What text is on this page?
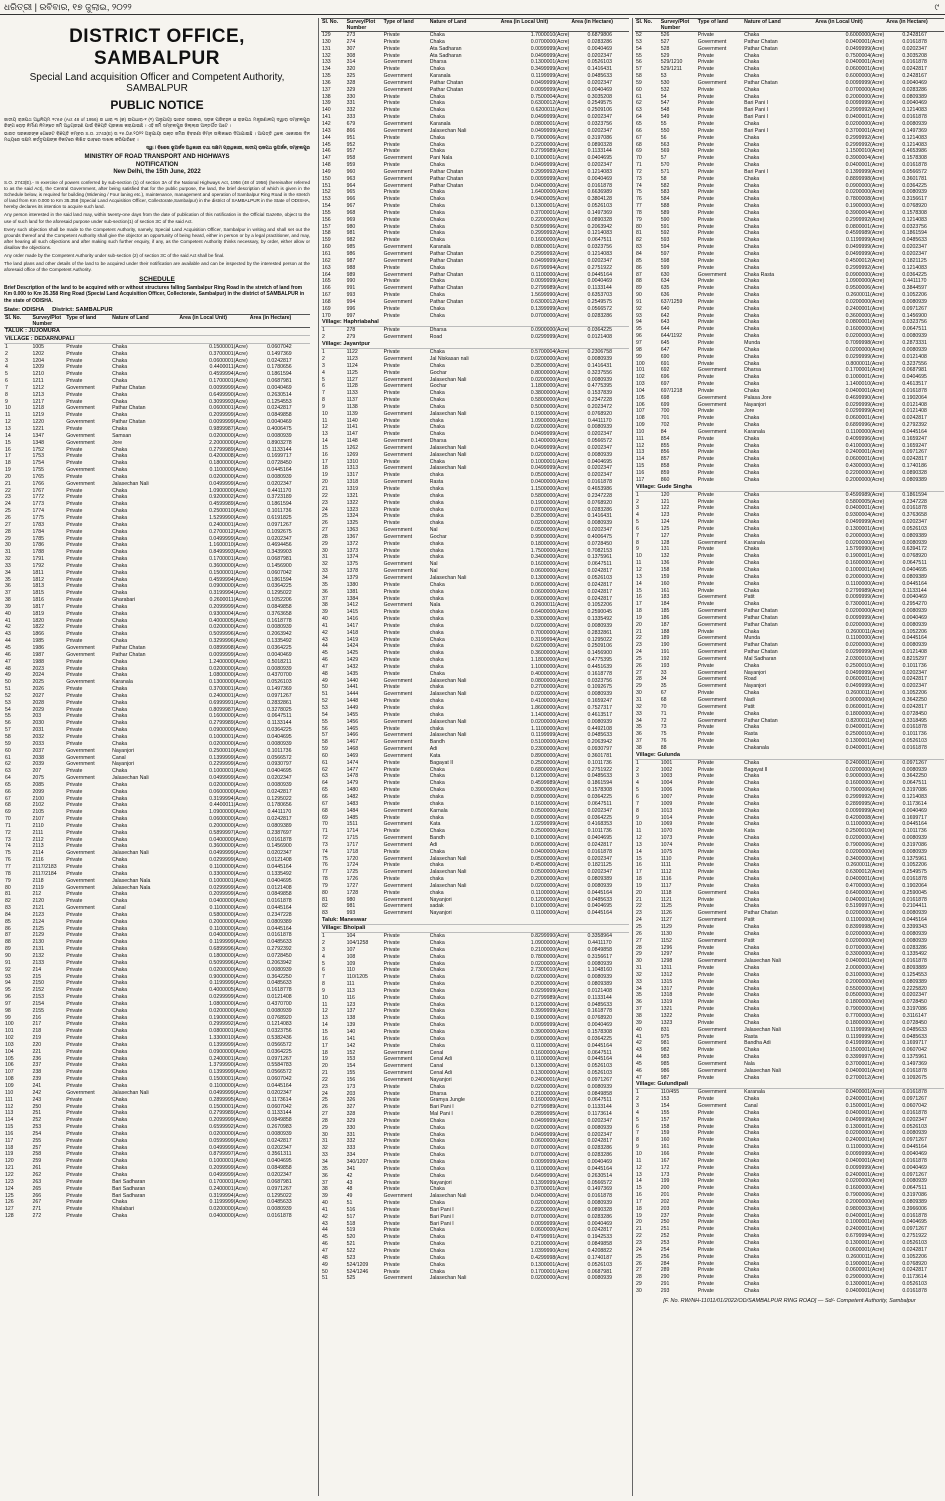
ଧରିତ୍ରୀ | ରବିବାର, ୧୭ ଜୁଲାଇ, ୨୦୨୨	୯
DISTRICT OFFICE, SAMBALPUR
Special Land acquisition Officer and Competent Authority, SAMBALPUR
PUBLIC NOTICE

ଜାତୀୟ ରାଜପଥ ଅଧିନିୟମ ୧୯୫୬ (Act 48 of 1956) ର ଧାରା ୩ (କ) ଉପଧାରା-୧ (୧) ଅନୁଯାୟୀ ଭାରତ ସରକାର, ସଡ଼କ ପରିବହନ ଓ ରାଜପଥ ମନ୍ତ୍ରଣାଳୟ ଦ୍ୱାରା ସମ୍ବଲପୁର ରିଙ୍ଗ ରୋଡ଼ ନିର୍ମାଣ ନିମନ୍ତେ ଜମି ଅଧିଗ୍ରହଣ ପାଇଁ ବିଜ୍ଞପ୍ତି ପ୍ରକାଶ କରାଯାଇଛି । ଏହି ଜମି ସମ୍ବଲପୁର ଜିଲ୍ଲାର ଅନ୍ତର୍ଗତ ଅଟେ ।

ଭାରତ ସରକାରଙ୍କ ଗେଜେଟ ବିଜ୍ଞପ୍ତି ନମ୍ବର S.O. 2743(E) ତା ୧୫.୦୬.୨୦୨୨ ଅନୁଯାୟୀ ଉକ୍ତ ଜମିର ବିବରଣୀ ନିମ୍ନ ତାଲିକାରେ ଦିଆଯାଇଛି । ଆପତ୍ତି ଥିଲେ ଏକୋଇଶ ଦିନ ମଧ୍ୟରେ ସକ୍ଷମ କର୍ତ୍ତୃପକ୍ଷଙ୍କ ନିକଟରେ ଲିଖିତ ଭାବରେ ଦାଖଲ କରିପାରିବେ ।

ସ୍ୱା / ବିଶେଷ ଭୂଅର୍ଜନ ଅଧିକାରୀ ତଥା ସକ୍ଷମ ପ୍ରାଧିକାରୀ, ଜାତୀୟ ରାଜପଥ ଭୂଅର୍ଜନ, ସମ୍ବଲପୁର

MINISTRY OF ROAD TRANSPORT AND HIGHWAYS
NOTIFICATION
New Delhi, the 15th June, 2022

S.O. 2743(E).- In exercise of powers conferred by sub-section (1) of section 3A of the National Highways Act, 1956 (48 of 1956) (hereinafter referred to as the said Act), the Central Government, after being satisfied that for the public purpose, the land, the brief description of which is given in the Schedule below, is required for building (Widening / Four laning etc.), maintenance, management and operation of Sambalpur Ring Road in the stretch of land from Km 0.000 to Km 35.358 (Special Land Acquisition Officer, Collectorate,Sambalpur) in the district of SAMBALPUR in the State of ODISHA, hereby declares its intention to acquire such land.

Any person interested in the said land may, within twenty-one days from the date of publication of this notification in the Official Gazette, object to the use of such land for the aforesaid purpose under sub-section(1) of section 3C of the said Act.

Every such objection shall be made to the Competent Authority, namely, Special Land Acquisition Officer, Sambalpur in writing and shall set out the grounds thereof and the Competent Authority shall give the objector an opportunity of being heard, either in person or by a legal practitioner, and may, after hearing all such objections and after making such further enquiry, if any, as the Competent Authority thinks necessary, by order, either allow or disallow the objections.

Any order made by the Competent Authority under sub-section (2) of section 3C of the said Act shall be final.

The land plans and other details of the land to be acquired under their notification are available and can be inspected by the interested person at the aforesaid office of the Competent Authority.

SCHEDULE
Brief Description of the land to be acquired with or without structures falling Sambalpur Ring Road in the stretch of land from Km 0.000 to Km 35.358 Ring Road (Special Land Acquisition Officer, Collectorate, Sambalpur) in the district of SAMBALPUR in the state of ODISHA.
State: ODISHA District: SAMBALPUR
Sl. No.	Survey/Plot Number	Type of land	Nature of Land	Area (in Local Unit)	Area (in Hectare)
TALUK : JUJOMURA					
VILLAGE : DEDARNUPALI					
1	1005	Private	Chaka	0.1500001(Acre)	0.0607042
2	1202	Private	Chaka	0.3700001(Acre)	0.1497369
3	1204	Private	Chaka	0.0600001(Acre)	0.0242817
4	1209	Private	Chaka	0.4400011(Acre)	0.1780656
5	1210	Private	Chaka	0.4599994(Acre)	0.1861594
6	1211	Private	Chaka	0.1700001(Acre)	0.0687981
7	1212	Government	Pathar Chatan	0.0099999(Acre)	0.0040469
8	1213	Private	Chaka	0.6499990(Acre)	0.2630514
9	1217	Private	Chaka	0.3099993(Acre)	0.1254553
10	1218	Government	Pathar Chatan	0.0600001(Acre)	0.0242817
11	1219	Private	Chaka	0.2099999(Acre)	0.0849858
12	1220	Government	Pathar Chatan	0.0099999(Acre)	0.0040469
13	1221	Private	Chaka	0.9899987(Acre)	0.4006475
14	1347	Government	Samsan	0.0200000(Acre)	0.0080939
15	1348	Government	Jore	2.2000000(Acre)	0.8903278
16	1752	Private	Chaka	0.2799989(Acre)	0.1133144
17	1753	Private	Chaka	0.4200008(Acre)	0.1699717
18	1754	Private	Chaka	0.1800000(Acre)	0.0728450
19	1755	Government	Chaka	0.1100000(Acre)	0.0445164
20	1765	Private	Chaka	0.0200000(Acre)	0.0080939
21	1766	Government	Jalasechan Nali	0.0499999(Acre)	0.0202347
22	1767	Private	Chaka	1.0900000(Acre)	0.4411170
23	1772	Private	Chaka	0.9200002(Acre)	0.3723189
24	1773	Private	Chaka	0.4599989(Acre)	0.1861594
25	1774	Private	Chaka	0.2500010(Acre)	0.1011736
26	1775	Private	Chaka	1.5299990(Acre)	0.6191825
27	1783	Private	Chaka	0.2400001(Acre)	0.0971267
28	1784	Private	Chaka	0.2700012(Acre)	0.1092675
29	1785	Private	Chaka	0.0499999(Acre)	0.0202347
30	1786	Private	Chaka	1.1600010(Acre)	0.4694456
31	1788	Private	Chaka	0.8499993(Acre)	0.3439903
32	1791	Private	Chaka	0.1700001(Acre)	0.0687981
33	1792	Private	Chaka	0.3600000(Acre)	0.1456900
34	1811	Private	Chaka	0.1500001(Acre)	0.0607042
35	1812	Private	Chaka	0.4599994(Acre)	0.1861594
36	1813	Private	Chaka	0.0900000(Acre)	0.0364225
37	1815	Private	Chaka	0.3199994(Acre)	0.1295022
38	1816	Private	Gharabari	0.2600011(Acre)	0.1052206
39	1817	Private	Chaka	0.2099999(Acre)	0.0849858
40	1819	Private	Chaka	0.9300004(Acre)	0.3763658
41	1820	Private	Chaka	0.4000005(Acre)	0.1618778
42	1822	Private	Chaka	0.0200000(Acre)	0.0080939
43	1866	Private	Chaka	0.5099996(Acre)	0.2063942
44	1985	Private	Chaka	0.3299996(Acre)	0.1335492
45	1986	Government	Pathar Chatan	0.0899998(Acre)	0.0364225
46	1987	Government	Pathar Chatan	0.0099999(Acre)	0.0040469
47	1988	Private	Chaka	1.2400000(Acre)	0.5018211
48	2023	Private	Chaka	0.0200000(Acre)	0.0080939
49	2024	Private	Chaka	1.0800000(Acre)	0.4370700
50	2025	Government	Karanala	0.1300000(Acre)	0.0526103
51	2026	Private	Chaka	0.3700001(Acre)	0.1497369
52	2027	Private	Chaka	0.2400001(Acre)	0.0971267
53	2028	Private	Chaka	0.6999991(Acre)	0.2832861
54	2029	Private	Chaka	0.8099987(Acre)	0.3278025
55	203	Private	Chaka	0.1600000(Acre)	0.0647511
56	2030	Private	Chaka	0.2799989(Acre)	0.1133144
57	2031	Private	Chaka	0.0900000(Acre)	0.0364225
58	2032	Private	Chaka	0.1000001(Acre)	0.0404695
59	2033	Private	Chaka	0.0200000(Acre)	0.0080939
60	2037	Government	Nayanjori	0.2500010(Acre)	0.1011736
61	2038	Government	Canal	0.1399999(Acre)	0.0566572
62	2039	Government	Nayanjori	0.2299999(Acre)	0.0930797
63	207	Private	Chaka	0.1000001(Acre)	0.0404695
64	2075	Government	Jalasechan Nali	0.0499999(Acre)	0.0202347
65	2085	Private	Chaka	0.0200000(Acre)	0.0080939
66	2099	Private	Chaka	0.0600000(Acre)	0.0242817
67	2100	Private	Chaka	0.3199994(Acre)	0.1295022
68	2102	Private	Chaka	0.4400011(Acre)	0.1780656
69	2105	Private	Chaka	1.0900000(Acre)	0.4411170
70	2107	Private	Chaka	0.0600000(Acre)	0.0242817
71	2110	Private	Chaka	0.2000000(Acre)	0.0809389
72	2111	Private	Chaka	0.5899997(Acre)	0.2387697
73	2112	Private	Chaka	0.0400000(Acre)	0.0161878
74	2113	Private	Chaka	0.3600000(Acre)	0.1456900
75	2114	Government	Jalasechan Nali	0.0499999(Acre)	0.0202347
76	2116	Private	Chaka	0.0299999(Acre)	0.0121408
77	2117/2183	Private	Chaka	0.1100000(Acre)	0.0445164
78	2117/2184	Private	Chaka	0.3300000(Acre)	0.1335492
79	2118	Government	Jalasechan Nala	0.1000001(Acre)	0.0404695
80	2119	Government	Jalasechan Nala	0.0299999(Acre)	0.0121408
81	212	Private	Chaka	0.2099999(Acre)	0.0849858
82	2120	Private	Chaka	0.0400000(Acre)	0.0161878
83	2121	Government	Canal	0.1100000(Acre)	0.0445164
84	2123	Private	Chaka	0.5800000(Acre)	0.2347228
85	2124	Private	Chaka	0.2000000(Acre)	0.0809389
86	2125	Private	Chaka	0.1100000(Acre)	0.0445164
87	2129	Private	Chaka	0.0400000(Acre)	0.0161878
88	2130	Private	Chaka	0.1199999(Acre)	0.0485633
89	2131	Private	Chaka	0.6899996(Acre)	0.2792392
90	2132	Private	Chaka	0.1800000(Acre)	0.0728450
91	2133	Private	Chaka	0.5099996(Acre)	0.2063942
92	214	Private	Chaka	0.0200000(Acre)	0.0080939
93	215	Private	Chaka	0.9000000(Acre)	0.3642250
94	2150	Private	Chaka	0.1199999(Acre)	0.0485633
95	2152	Private	Chaka	0.4000005(Acre)	0.1618778
96	2153	Private	Chaka	0.0299999(Acre)	0.0121408
97	2154	Private	Chaka	1.0800000(Acre)	0.4370700
98	2155	Private	Chaka	0.0200000(Acre)	0.0080939
99	216	Private	Chaka	0.1900000(Acre)	0.0768920
100	217	Private	Chaka	0.2999992(Acre)	0.1214083
101	218	Private	Chaka	0.0800001(Acre)	0.0323756
102	219	Private	Chaka	1.3300010(Acre)	0.5382436
103	220	Private	Chaka	0.1399999(Acre)	0.0566572
104	221	Private	Chaka	0.0900000(Acre)	0.0364225
105	236	Private	Chaka	0.2400001(Acre)	0.0971267
106	237	Private	Chaka	1.3799990(Acre)	0.5584783
107	238	Private	Chaka	0.1399999(Acre)	0.0566572
108	239	Private	Chaka	0.1500001(Acre)	0.0607042
109	241	Private	Chaka	0.1100000(Acre)	0.0445164
110	242	Government	Jalasechan Nali	0.0499999(Acre)	0.0202347
111	243	Private	Chaka	0.2899995(Acre)	0.1173614
112	250	Private	Chaka	0.1500001(Acre)	0.0607042
113	251	Private	Chaka	0.2799989(Acre)	0.1133144
114	252	Private	Chaka	0.2099999(Acre)	0.0849858
115	253	Private	Chaka	0.6599992(Acre)	0.2670983
116	254	Private	Chaka	0.0200000(Acre)	0.0080939
117	255	Private	Chaka	0.0599999(Acre)	0.0242817
118	257	Private	Chaka	0.0499999(Acre)	0.0202347
119	258	Private	Chaka	0.8799997(Acre)	0.3561311
120	259	Private	Chaka	0.1000001(Acre)	0.0404695
121	261	Private	Chaka	0.2099999(Acre)	0.0849858
122	262	Private	Chaka	0.0499999(Acre)	0.0202347
123	263	Private	Bari Sadharan	0.1700001(Acre)	0.0687981
124	265	Private	Bari Sadharan	0.2400001(Acre)	0.0971267
125	266	Private	Bari Sadharan	0.3199994(Acre)	0.1295022
126	267	Private	Chaka	0.1199999(Acre)	0.0485633
127	271	Private	Khalabari	0.0200000(Acre)	0.0080939
128	272	Private	Chaka	0.0400000(Acre)	0.0161878
Sl. No.	Survey/Plot Number	Type of land	Nature of Land	Area (in Local Unit)	Area (in Hectare)
129	273	Private	Chaka	1.7000010(Acre)	0.6879806
130	274	Private	Chaka	0.0700000(Acre)	0.0283286
131	307	Private	Ata Sadharan	0.0099999(Acre)	0.0040469
132	308	Private	Ata Sadharan	0.0499999(Acre)	0.0202347
133	314	Government	Dharsa	0.1300001(Acre)	0.0526103
134	320	Private	Chaka	0.3499999(Acre)	0.1416431
135	325	Government	Karanala	0.1199999(Acre)	0.0485633
136	328	Government	Pathar Chatan	0.0499999(Acre)	0.0202347
137	329	Government	Pathar Chatan	0.0099999(Acre)	0.0040469
138	330	Private	Chaka	0.7500004(Acre)	0.3035208
139	331	Private	Chaka	0.6300012(Acre)	0.2549575
140	332	Private	Chaka	0.6200011(Acre)	0.2509106
141	333	Private	Chaka	0.0499999(Acre)	0.0202347
142	679	Government	Karanala	0.0800001(Acre)	0.0323756
143	866	Government	Jalasechan Nali	0.0499999(Acre)	0.0202347
144	951	Private	Chaka	0.7900006(Acre)	0.3197086
145	952	Private	Chaka	0.2200000(Acre)	0.0890328
146	957	Private	Chaka	0.2799989(Acre)	0.1133144
147	958	Government	Pani Nala	0.1000001(Acre)	0.0404695
148	959	Private	Chaka	0.0499999(Acre)	0.0202347
149	960	Government	Pathar Chatan	0.2999992(Acre)	0.1214083
150	963	Government	Pathar Chatan	0.0099999(Acre)	0.0040469
151	964	Government	Pathar Chatan	0.0400000(Acre)	0.0161878
152	965	Private	Chaka	1.6400000(Acre)	0.6636989
153	966	Private	Chaka	0.9400005(Acre)	0.3804128
154	967	Private	Chaka	0.1300001(Acre)	0.0526103
155	968	Private	Chaka	0.3700001(Acre)	0.1497369
156	969	Private	Chaka	0.2200000(Acre)	0.0890328
157	980	Private	Chaka	0.5099996(Acre)	0.2063942
158	981	Private	Chaka	0.2999992(Acre)	0.1214083
159	982	Private	Chaka	0.1600000(Acre)	0.0647511
160	985	Government	Karanala	0.0800001(Acre)	0.0323756
161	986	Government	Pathar Chatan	0.2999992(Acre)	0.1214083
162	987	Government	Pathar Chatan	0.0499999(Acre)	0.0202347
163	988	Private	Chaka	0.6799994(Acre)	0.2751922
164	989	Government	Pathar Chatan	0.1100000(Acre)	0.0445164
165	990	Private	Chaka	0.0099999(Acre)	0.0040469
166	991	Government	Pathar Chatan	0.2799989(Acre)	0.1133144
167	993	Private	Chaka	1.5699990(Acre)	0.6353703
168	994	Government	Pathar Chatan	0.6300012(Acre)	0.2549575
169	996	Private	Chaka	0.1399999(Acre)	0.0566572
170	997	Private	Chaka	0.0700000(Acre)	0.0283286
Village: Haphriabahal					
1	278	Private	Dharsa	0.0900000(Acre)	0.0364225
2	279	Government	Road	0.0299999(Acre)	0.0121408
Village: Jayantpur					
1	1122	Private	Chaka	0.5700004(Acre)	0.2306758
2	1123	Government	Jal Niskasan nali	0.0200000(Acre)	0.0080939
3	1124	Private	Chaka	0.3500000(Acre)	0.1416431
4	1125	Private	Gochar	0.8000000(Acre)	0.3237556
5	1127	Government	Jalasechan Nali	0.0200000(Acre)	0.0080939
6	1128	Government	Gochar	1.1800000(Acre)	0.4775395
7	1133	Private	Chaka	0.3800000(Acre)	0.1537839
8	1137	Private	Chaka	0.5800000(Acre)	0.2347228
9	1138	Private	Chaka	0.5000000(Acre)	0.2023472
10	1139	Government	Jalasechan Nali	0.1900000(Acre)	0.0768920
11	1140	Private	chaka	1.0900000(Acre)	0.4411170
12	1141	Private	Chaka	0.0200000(Acre)	0.0080939
13	1147	Private	Chaka	0.0499999(Acre)	0.0202347
14	1148	Government	Dharsa	0.1400000(Acre)	0.0566572
15	1262	Government	Jalasechan Nali	0.0499999(Acre)	0.0202347
16	1269	Government	Jalasechan Nali	0.0200000(Acre)	0.0080939
17	1310	Private	Chaka	0.1000001(Acre)	0.0404695
18	1313	Government	Jalasechan Nali	0.0499999(Acre)	0.0202347
19	1317	Private	chaka	0.0500000(Acre)	0.0202347
20	1318	Government	Rasta	0.0400000(Acre)	0.0161878
21	1319	Private	chaka	1.1500000(Acre)	0.4653986
22	1321	Private	chaka	0.5800000(Acre)	0.2347228
23	1322	Private	chaka	0.1900000(Acre)	0.0768920
24	1323	Private	chaka	0.0700000(Acre)	0.0283286
25	1324	Private	chaka	0.3500000(Acre)	0.1416431
26	1325	Private	chaka	0.0200000(Acre)	0.0080939
27	1363	Government	Nal	0.0500000(Acre)	0.0202347
28	1367	Government	Gochar	0.9900000(Acre)	0.4006475
29	1372	Private	chaka	0.1800000(Acre)	0.0728450
30	1373	Private	chaka	1.7500000(Acre)	0.7082153
31	1374	Private	chaka	0.3400000(Acre)	0.1375961
32	1375	Government	Nal	0.1600000(Acre)	0.0647511
33	1378	Government	Nal	0.0600000(Acre)	0.0242817
34	1379	Government	Jalasechan Nali	0.1300000(Acre)	0.0526103
35	1380	Private	Chaka	0.0600000(Acre)	0.0242817
36	1381	Private	chaka	0.0600000(Acre)	0.0242817
37	1384	Private	chaka	0.0600000(Acre)	0.0242817
38	1412	Government	Nala	0.2600011(Acre)	0.1052206
39	1415	Private	chaka	0.6400000(Acre)	0.2590045
40	1416	Private	chaka	0.3300000(Acre)	0.1335492
41	1417	Private	chaka	0.0200000(Acre)	0.0080939
42	1418	Private	chaka	0.7000000(Acre)	0.2832861
43	1419	Private	Chaka	0.3199994(Acre)	0.1295022
44	1424	Private	chaka	0.6200000(Acre)	0.2509106
45	1425	Private	chaka	0.3600000(Acre)	0.1456900
46	1429	Private	chaka	1.1800000(Acre)	0.4775395
47	1432	Private	chaka	1.1000000(Acre)	0.4451639
48	1435	Private	Chaka	0.4000000(Acre)	0.1618778
49	1440	Government	Jalasechan Nali	0.0800000(Acre)	0.0323756
50	1441	Private	chaka	0.2700000(Acre)	0.1092675
51	1444	Government	Jalasechan Nali	0.0200000(Acre)	0.0080939
52	1448	Private	chaka	0.4100000(Acre)	0.1659247
53	1449	Private	chaka	1.8600000(Acre)	0.7527317
54	1455	Private	chaka	1.1400000(Acre)	0.4613517
55	1456	Government	Jalasechan Nali	0.0200000(Acre)	0.0080939
56	1465	Private	chaka	1.1100000(Acre)	0.4492108
57	1466	Government	Jalasechan Nali	0.1199999(Acre)	0.0485633
58	1467	Government	Bandh	0.5100000(Acre)	0.2063942
59	1468	Government	Adi	0.2300000(Acre)	0.0930797
60	1469	Government	Kata	0.8900000(Acre)	0.3601781
61	1474	Private	Bagayat II	0.2500000(Acre)	0.1011736
62	1477	Private	Chaka	0.6800000(Acre)	0.2751922
63	1478	Private	Chaka	0.1200000(Acre)	0.0485633
64	1479	Private	Chaka	0.4599989(Acre)	0.1861594
65	1480	Private	Chaka	0.3900000(Acre)	0.1578308
66	1482	Private	chaka	0.0900000(Acre)	0.0364225
67	1483	Private	chaka	0.1600000(Acre)	0.0647511
68	1484	Government	Karnala	0.0500000(Acre)	0.0202347
69	1485	Private	chaka	0.0900000(Acre)	0.0364225
70	1511	Government	Kata	1.0299999(Acre)	0.4168353
71	1714	Private	Chaka	0.2500000(Acre)	0.1011736
72	1715	Government	Bandh	0.1000000(Acre)	0.0404695
73	1717	Government	Adi	0.0600000(Acre)	0.0242817
74	1718	Private	Chaka	0.0400000(Acre)	0.0161878
75	1720	Government	Jalasechan Nali	0.0500000(Acre)	0.0202347
76	1724	Private	chaka	0.4500000(Acre)	0.1821125
77	1725	Government	Jalasechan Nali	0.0500000(Acre)	0.0202347
78	1726	Private	chaka	0.2000000(Acre)	0.0809389
79	1727	Government	Jalasechan Nali	0.0200000(Acre)	0.0080939
80	1728	Private	chaka	0.1100000(Acre)	0.0445164
81	980	Government	Nayanjori	0.1200000(Acre)	0.0485633
82	981	Government	sadak	0.1000000(Acre)	0.0404695
83	993	Government	Nayanjori	0.1100000(Acre)	0.0445164
Taluk: Maneswar					
Village: Bhoipali					
1	104	Private	Chaka	0.8299990(Acre)	0.3358964
2	104/1258	Private	Chaka	1.0900000(Acre)	0.4411170
3	107	Private	Chaka	0.2100000(Acre)	0.0849858
4	108	Private	Chaka	0.7800000(Acre)	0.3156617
5	109	Private	Chaka	0.0200000(Acre)	0.0080939
6	110	Private	Chaka	2.7300010(Acre)	1.1048160
7	110/1205	Private	Chaka	0.0200000(Acre)	0.0080939
8	111	Private	Chaka	0.2000000(Acre)	0.0809389
9	113	Private	Chaka	0.0299999(Acre)	0.0121408
10	116	Private	Chaka	0.2799989(Acre)	0.1133144
11	123	Private	Chaka	0.1200000(Acre)	0.0485633
12	137	Private	Chaka	0.3999999(Acre)	0.1618778
13	138	Private	Chaka	0.1900000(Acre)	0.0768920
14	139	Private	Chaka	0.0099999(Acre)	0.0040469
15	140	Private	Chaka	0.3900000(Acre)	0.1578308
16	141	Private	Chaka	0.0900000(Acre)	0.0364225
17	142	Private	Chaka	0.1100000(Acre)	0.0445164
18	152	Government	Cenal	0.1600000(Acre)	0.0647511
19	153	Government	Cenal Adi	0.1100000(Acre)	0.0445164
20	154	Government	Canal	0.1300000(Acre)	0.0526103
21	155	Government	Cenal Adi	0.1300000(Acre)	0.0526103
22	156	Government	Nayanjori	0.2400001(Acre)	0.0971267
23	173	Private	Chaka	0.0200000(Acre)	0.0080939
24	203	Private	Dharsa	0.2100000(Acre)	0.0849858
25	326	Private	Gramya Jungle	0.1600000(Acre)	0.0647511
26	327	Private	Bari Pani I	0.2799989(Acre)	0.1133144
27	328	Private	Mal Pani I	0.2899995(Acre)	0.1173614
28	329	Private	Chaka	0.0499999(Acre)	0.0202347
29	330	Private	Chaka	0.0200000(Acre)	0.0080939
30	331	Private	Chaka	0.0499999(Acre)	0.0202347
31	332	Private	Chaka	0.0600000(Acre)	0.0242817
32	333	Private	Chaka	0.0700000(Acre)	0.0283286
33	334	Private	Chaka	0.0700000(Acre)	0.0283286
34	340/1207	Private	Chaka	0.0099999(Acre)	0.0040469
35	341	Private	Chaka	0.1100000(Acre)	0.0445164
36	42	Private	Chaka	0.6499990(Acre)	0.2630514
37	43	Private	Nayanjori	0.1399999(Acre)	0.0566572
38	48	Private	Chaka	0.3700001(Acre)	0.1497369
39	49	Government	Jalasechan Nali	0.0400000(Acre)	0.0161878
40	51	Private	Chaka	0.0200000(Acre)	0.0080939
41	516	Private	Bari Pani I	0.2200000(Acre)	0.0890328
42	517	Private	Bari Pani I	0.0700000(Acre)	0.0283286
43	518	Private	Bari Pani I	0.0099999(Acre)	0.0040469
44	519	Private	Chaka	0.0600000(Acre)	0.0242817
45	520	Private	Chaka	0.4799991(Acre)	0.1942533
46	521	Private	Chaka	0.2100000(Acre)	0.0849858
47	522	Private	Chaka	1.0399990(Acre)	0.4208822
48	523	Private	Chaka	0.4299998(Acre)	0.1740187
49	524/1209	Private	Chaka	0.1300001(Acre)	0.0526103
50	524/1246	Private	Chaka	0.1700001(Acre)	0.0687981
51	525	Government	Jalasechan Nali	0.0200000(Acre)	0.0080939
Sl. No.	Survey/Plot Number	Type of land	Nature of Land	Area (in Local Unit)	Area (in Hectare)
52	526	Private	Chaka	0.6000000(Acre)	0.2428167
53	527	Government	Pathar Chatan	0.0400001(Acre)	0.0161878
54	528	Government	Pathar Chatan	0.0499999(Acre)	0.0202347
55	529	Private	Chaka	0.7500004(Acre)	0.3035208
56	529/1210	Private	Chaka	0.0400001(Acre)	0.0161878
57	529/1211	Private	Chaka	0.0600001(Acre)	0.0242817
58	53	Private	Chaka	0.6000000(Acre)	0.2428167
59	530	Government	Pathar Chatan	0.0099999(Acre)	0.0040469
60	532	Private	Chaka	0.0700000(Acre)	0.0283286
61	54	Private	Chaka	0.2000000(Acre)	0.0809389
62	547	Private	Bari Pani I	0.0099999(Acre)	0.0040469
63	548	Private	Bari Pani I	0.2999992(Acre)	0.1214083
64	549	Private	Bari Pani I	0.0400001(Acre)	0.0161878
65	55	Private	Chaka	0.0200000(Acre)	0.0080939
66	550	Private	Bari Pani I	0.3700001(Acre)	0.1497369
67	56	Private	Chaka	0.2999992(Acre)	0.1214083
68	563	Private	Chaka	0.2999992(Acre)	0.1214083
69	569	Private	Chaka	1.1500010(Acre)	0.4653986
70	57	Private	Chaka	0.3900004(Acre)	0.1578308
71	570	Private	Chaka	0.0400001(Acre)	0.0161878
72	571	Private	Bari Pani I	0.1399999(Acre)	0.0566572
73	58	Private	Chaka	0.8899998(Acre)	0.3601781
74	582	Private	Chaka	0.0900000(Acre)	0.0364225
75	583	Private	Chaka	0.0200000(Acre)	0.0080939
76	584	Private	Chaka	0.7800008(Acre)	0.3156617
77	588	Private	Chaka	0.1900000(Acre)	0.0768920
78	589	Private	Chaka	0.3900004(Acre)	0.1578308
79	590	Private	Chaka	0.2999992(Acre)	0.1214083
80	591	Private	Chaka	0.0800001(Acre)	0.0323756
81	592	Private	Chaka	0.4599989(Acre)	0.1861594
82	593	Private	Chaka	0.1199999(Acre)	0.0485633
83	594	Private	Chaka	0.0499999(Acre)	0.0202347
84	597	Private	Chaka	0.0499999(Acre)	0.0202347
85	598	Private	Chaka	0.4500012(Acre)	0.1821125
86	599	Private	Chaka	0.2999992(Acre)	0.1214083
87	630	Government	Chaka Rasta	0.0900000(Acre)	0.0364225
88	634	Private	Chaka	1.0900000(Acre)	0.4411170
89	635	Private	Chaka	0.9500006(Acre)	0.3844597
90	636	Private	Chaka	0.2600011(Acre)	0.1052206
91	637/1259	Private	Chaka	0.0200000(Acre)	0.0080939
92	640	Private	Chaka	0.2400001(Acre)	0.0971267
93	642	Private	Chaka	0.3600000(Acre)	0.1456900
94	643	Private	Chaka	0.0800001(Acre)	0.0323756
95	644	Private	Chaka	0.1600000(Acre)	0.0647511
96	644/1192	Private	Chaka	0.0200000(Acre)	0.0080939
97	645	Private	Munda	0.7099998(Acre)	0.2873331
98	647	Private	Chaka	0.0200000(Acre)	0.0080939
99	690	Private	Chaka	0.0299999(Acre)	0.0121408
100	691	Private	Chaka	0.8000011(Acre)	0.3237556
101	692	Government	Dharsa	0.1700001(Acre)	0.0687981
102	696	Private	Chaka	0.1000001(Acre)	0.0404695
103	697	Private	Chaka	1.1400010(Acre)	0.4613517
104	697/1218	Private	Chaka	0.0400001(Acre)	0.0161878
105	698	Government	Palasa Jore	0.4699990(Acre)	0.1902064
106	699	Government	Nayanjori	0.0299999(Acre)	0.0121408
107	700	Private	Jore	0.0299999(Acre)	0.0121408
108	701	Private	Chaka	0.0600001(Acre)	0.0242817
109	702	Private	Chaka	0.6899996(Acre)	0.2792392
110	84	Government	Karanala	0.1100000(Acre)	0.0445164
111	854	Private	Chaka	0.4099996(Acre)	0.1659247
112	855	Private	Chaka	0.4100000(Acre)	0.1659247
113	856	Private	Chaka	0.2400001(Acre)	0.0971267
114	857	Private	Chaka	0.0600001(Acre)	0.0242817
115	858	Private	Chaka	0.4300000(Acre)	0.1740186
116	859	Private	Chaka	0.2200000(Acre)	0.0890328
117	860	Private	Chaka	0.2000000(Acre)	0.0809389
Village: Gude Singha					
1	120	Private	Chaka	0.4599989(Acre)	0.1861594
2	121	Private	Chaka	0.5800005(Acre)	0.2347228
3	122	Private	Chaka	0.0400001(Acre)	0.0161878
4	123	Private	Chaka	0.9300004(Acre)	0.3763658
5	124	Private	Chaka	0.0499999(Acre)	0.0202347
6	125	Private	Chaka	0.1300001(Acre)	0.0526103
7	127	Private	Chaka	0.2000000(Acre)	0.0809389
8	128	Government	Karanala	0.0200000(Acre)	0.0080939
9	131	Private	Chaka	1.5799990(Acre)	0.6394172
10	132	Private	Chaka	0.1900001(Acre)	0.0768920
11	136	Private	Chaka	0.1600000(Acre)	0.0647511
12	158	Private	Chaka	0.1000001(Acre)	0.0404695
13	159	Private	Chaka	0.2000000(Acre)	0.0809389
14	160	Private	Chaka	0.1100000(Acre)	0.0445164
15	161	Private	Chaka	0.2799989(Acre)	0.1133144
16	183	Government	Patit	0.0099999(Acre)	0.0040469
17	184	Private	Chaka	0.7300001(Acre)	0.2954270
18	185	Government	Pathar Chatan	0.0200000(Acre)	0.0080939
19	186	Government	Pathar Chatan	0.0099999(Acre)	0.0040469
20	187	Government	Pathar Chatan	0.0200000(Acre)	0.0080939
21	188	Private	Chaka	0.2600011(Acre)	0.1052206
22	189	Government	Munda	0.1100000(Acre)	0.0445164
23	190	Government	Pathar Chatan	0.0200000(Acre)	0.0080939
24	191	Government	Pathar Chatan	0.0299999(Acre)	0.0121408
25	192	Government	Mal Sadharan	2.0300010(Acre)	0.8215297
26	193	Private	Chaka	0.2500010(Acre)	0.1011736
27	33	Government	Nayanjori	0.0499999(Acre)	0.0202347
28	34	Government	Road	0.0600001(Acre)	0.0242817
29	35	Government	Nayanjori	0.0499999(Acre)	0.0202347
30	67	Private	Chaka	0.2600011(Acre)	0.1052206
31	68	Government	Nadi	0.9000000(Acre)	0.3642250
32	70	Government	Patit	0.0600001(Acre)	0.0242817
33	71	Private	Chaka	0.1800000(Acre)	0.0728450
34	72	Government	Pathar Chatan	0.8200011(Acre)	0.3318495
35	73	Private	Chaka	0.0400001(Acre)	0.0161878
36	75	Private	Rasta	0.2500010(Acre)	0.1011736
37	76	Private	Chaka	0.1300001(Acre)	0.0526103
38	88	Private	Chakanala	0.0400001(Acre)	0.0161878
Village: Gulunda					
1	1001	Private	Chaka	0.2400001(Acre)	0.0971267
2	1002	Private	Bagayat II	0.0200000(Acre)	0.0080939
3	1003	Private	Chaka	0.9000000(Acre)	0.3642250
4	1004	Private	Chaka	0.1600000(Acre)	0.0647511
5	1006	Private	Chaka	0.7900006(Acre)	0.3197086
6	1007	Private	Chaka	0.2999992(Acre)	0.1214083
7	1009	Private	Chaka	0.2899995(Acre)	0.1173614
8	1013	Private	Chaka	0.0099999(Acre)	0.0040469
9	1014	Private	Chaka	0.4200008(Acre)	0.1699717
10	1069	Private	Chaka	0.1100000(Acre)	0.0445164
11	1070	Private	Kata	0.2500010(Acre)	0.1011736
12	1073	Private	Chaka	0.0200000(Acre)	0.0080939
13	1074	Private	Chaka	0.7900006(Acre)	0.3197086
14	1075	Private	Chaka	0.0200000(Acre)	0.0080939
15	1110	Private	Chaka	0.3400000(Acre)	0.1375961
16	1111	Private	Chaka	0.2600011(Acre)	0.1052206
17	1112	Private	Chaka	0.6300012(Acre)	0.2549575
18	1116	Private	Chaka	0.0400001(Acre)	0.0161878
19	1117	Private	Chaka	0.4700000(Acre)	0.1902064
20	1118	Government	Chaka	0.6400000(Acre)	0.2590045
21	1121	Private	Chaka	0.0400001(Acre)	0.0161878
22	1125	Private	Chaka	0.5199997(Acre)	0.2104411
23	1126	Government	Pathar Chatan	0.0200000(Acre)	0.0080939
24	1127	Government	Patit	0.1100000(Acre)	0.0445164
25	1129	Private	Chaka	0.8399998(Acre)	0.3399343
26	1130	Private	Chaka	0.0200000(Acre)	0.0080939
27	1152	Government	Patit	0.0200000(Acre)	0.0080939
28	1296	Private	Chaka	0.0700000(Acre)	0.0283286
29	1297	Private	Chaka	0.3300000(Acre)	0.1335492
30	1298	Government	Jalasechan Nali	0.0400001(Acre)	0.0161878
31	1311	Private	Chaka	2.0000000(Acre)	0.8093889
32	1312	Private	Chaka	0.3100000(Acre)	0.1254553
33	1315	Private	Chaka	0.2000000(Acre)	0.0809389
34	1317	Private	Chaka	0.5500000(Acre)	0.2225820
35	1318	Private	Chaka	0.0500000(Acre)	0.0202347
36	1319	Private	Chaka	0.1800000(Acre)	0.0728450
37	1321	Private	Chaka	0.7900000(Acre)	0.3197086
38	1322	Private	Chaka	0.7700000(Acre)	0.3116147
39	1323	Private	Chaka	0.1800000(Acre)	0.0728450
40	831	Government	Jalasechan Nali	0.1199999(Acre)	0.0485633
41	975	Private	Rasta	0.1199999(Acre)	0.0485633
42	981	Government	Bandha Adi	0.4199999(Acre)	0.1699717
43	982	Private	Chaka	0.1500001(Acre)	0.0607042
44	983	Private	Chaka	0.3399997(Acre)	0.1375961
45	985	Government	Nala	0.3700001(Acre)	0.1497369
46	986	Government	Jalasechan Nali	0.0400001(Acre)	0.0161878
47	987	Private	Chaka	0.2700012(Acre)	0.1092675
Village: Gulundipali					
1	110/455	Government	Karanala	0.0400001(Acre)	0.0161878
2	153	Private	Chaka	0.2400001(Acre)	0.0971267
3	154	Government	Canal	0.1500001(Acre)	0.0607042
4	155	Private	Chaka	0.0400001(Acre)	0.0161878
5	157	Private	Chaka	0.0499999(Acre)	0.0202347
6	158	Private	Chaka	0.1300001(Acre)	0.0526103
7	159	Private	Chaka	0.0200000(Acre)	0.0080939
8	160	Private	Chaka	0.2400001(Acre)	0.0971267
9	161	Private	Chaka	0.1100000(Acre)	0.0445164
10	166	Private	Chaka	0.0099999(Acre)	0.0040469
11	167	Private	Chaka	0.0400001(Acre)	0.0161878
12	172	Private	Chaka	0.0099999(Acre)	0.0040469
13	173	Private	Chaka	0.2400001(Acre)	0.0971267
14	199	Private	Chaka	0.0200000(Acre)	0.0080939
15	200	Private	Chaka	0.1600000(Acre)	0.0647511
16	201	Private	Chaka	0.7900006(Acre)	0.3197086
17	202	Private	Chaka	0.2000000(Acre)	0.0809389
18	203	Private	Chaka	0.9800003(Acre)	0.3966006
19	237	Private	Chaka	0.0400001(Acre)	0.0161878
20	250	Private	Chaka	0.1000001(Acre)	0.0404695
21	251	Private	Chaka	0.2400001(Acre)	0.0971267
22	252	Private	Chaka	0.6799994(Acre)	0.2751922
23	253	Private	Chaka	0.1300001(Acre)	0.0526103
24	254	Private	Chaka	0.0600001(Acre)	0.0242817
25	256	Private	Chaka	0.2600011(Acre)	0.1052206
26	284	Private	Chaka	0.1900001(Acre)	0.0768920
27	289	Private	Chaka	0.0600001(Acre)	0.0242817
28	290	Private	Chaka	0.2900000(Acre)	0.1173614
29	291	Private	Chaka	0.1300001(Acre)	0.0526103
30	293	Private	Chaka	0.0400001(Acre)	0.0161878
[F. No. RW/NH-11011/01/2022/OD/SAMBALPUR RING ROAD] — Sd/- Competent Authority, Sambalpur
